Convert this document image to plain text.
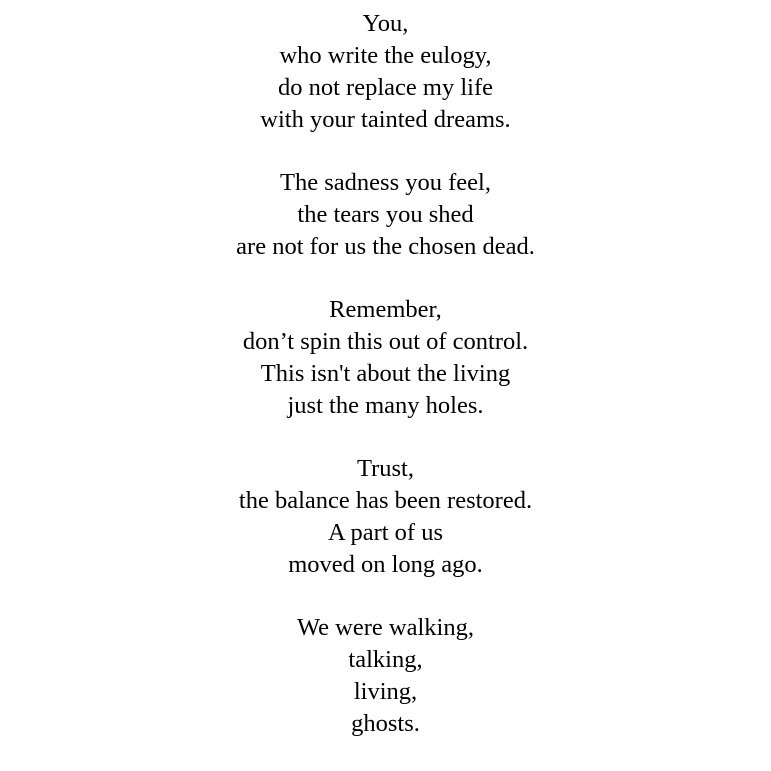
You,
who write the eulogy,
do not replace my life
with your tainted dreams.
The sadness you feel,
the tears you shed
are not for us the chosen dead.
Remember,
don’t spin this out of control.
This isn't about the living
just the many holes.
Trust,
the balance has been restored.
A part of us
moved on long ago.
We were walking,
talking,
living,
ghosts.
